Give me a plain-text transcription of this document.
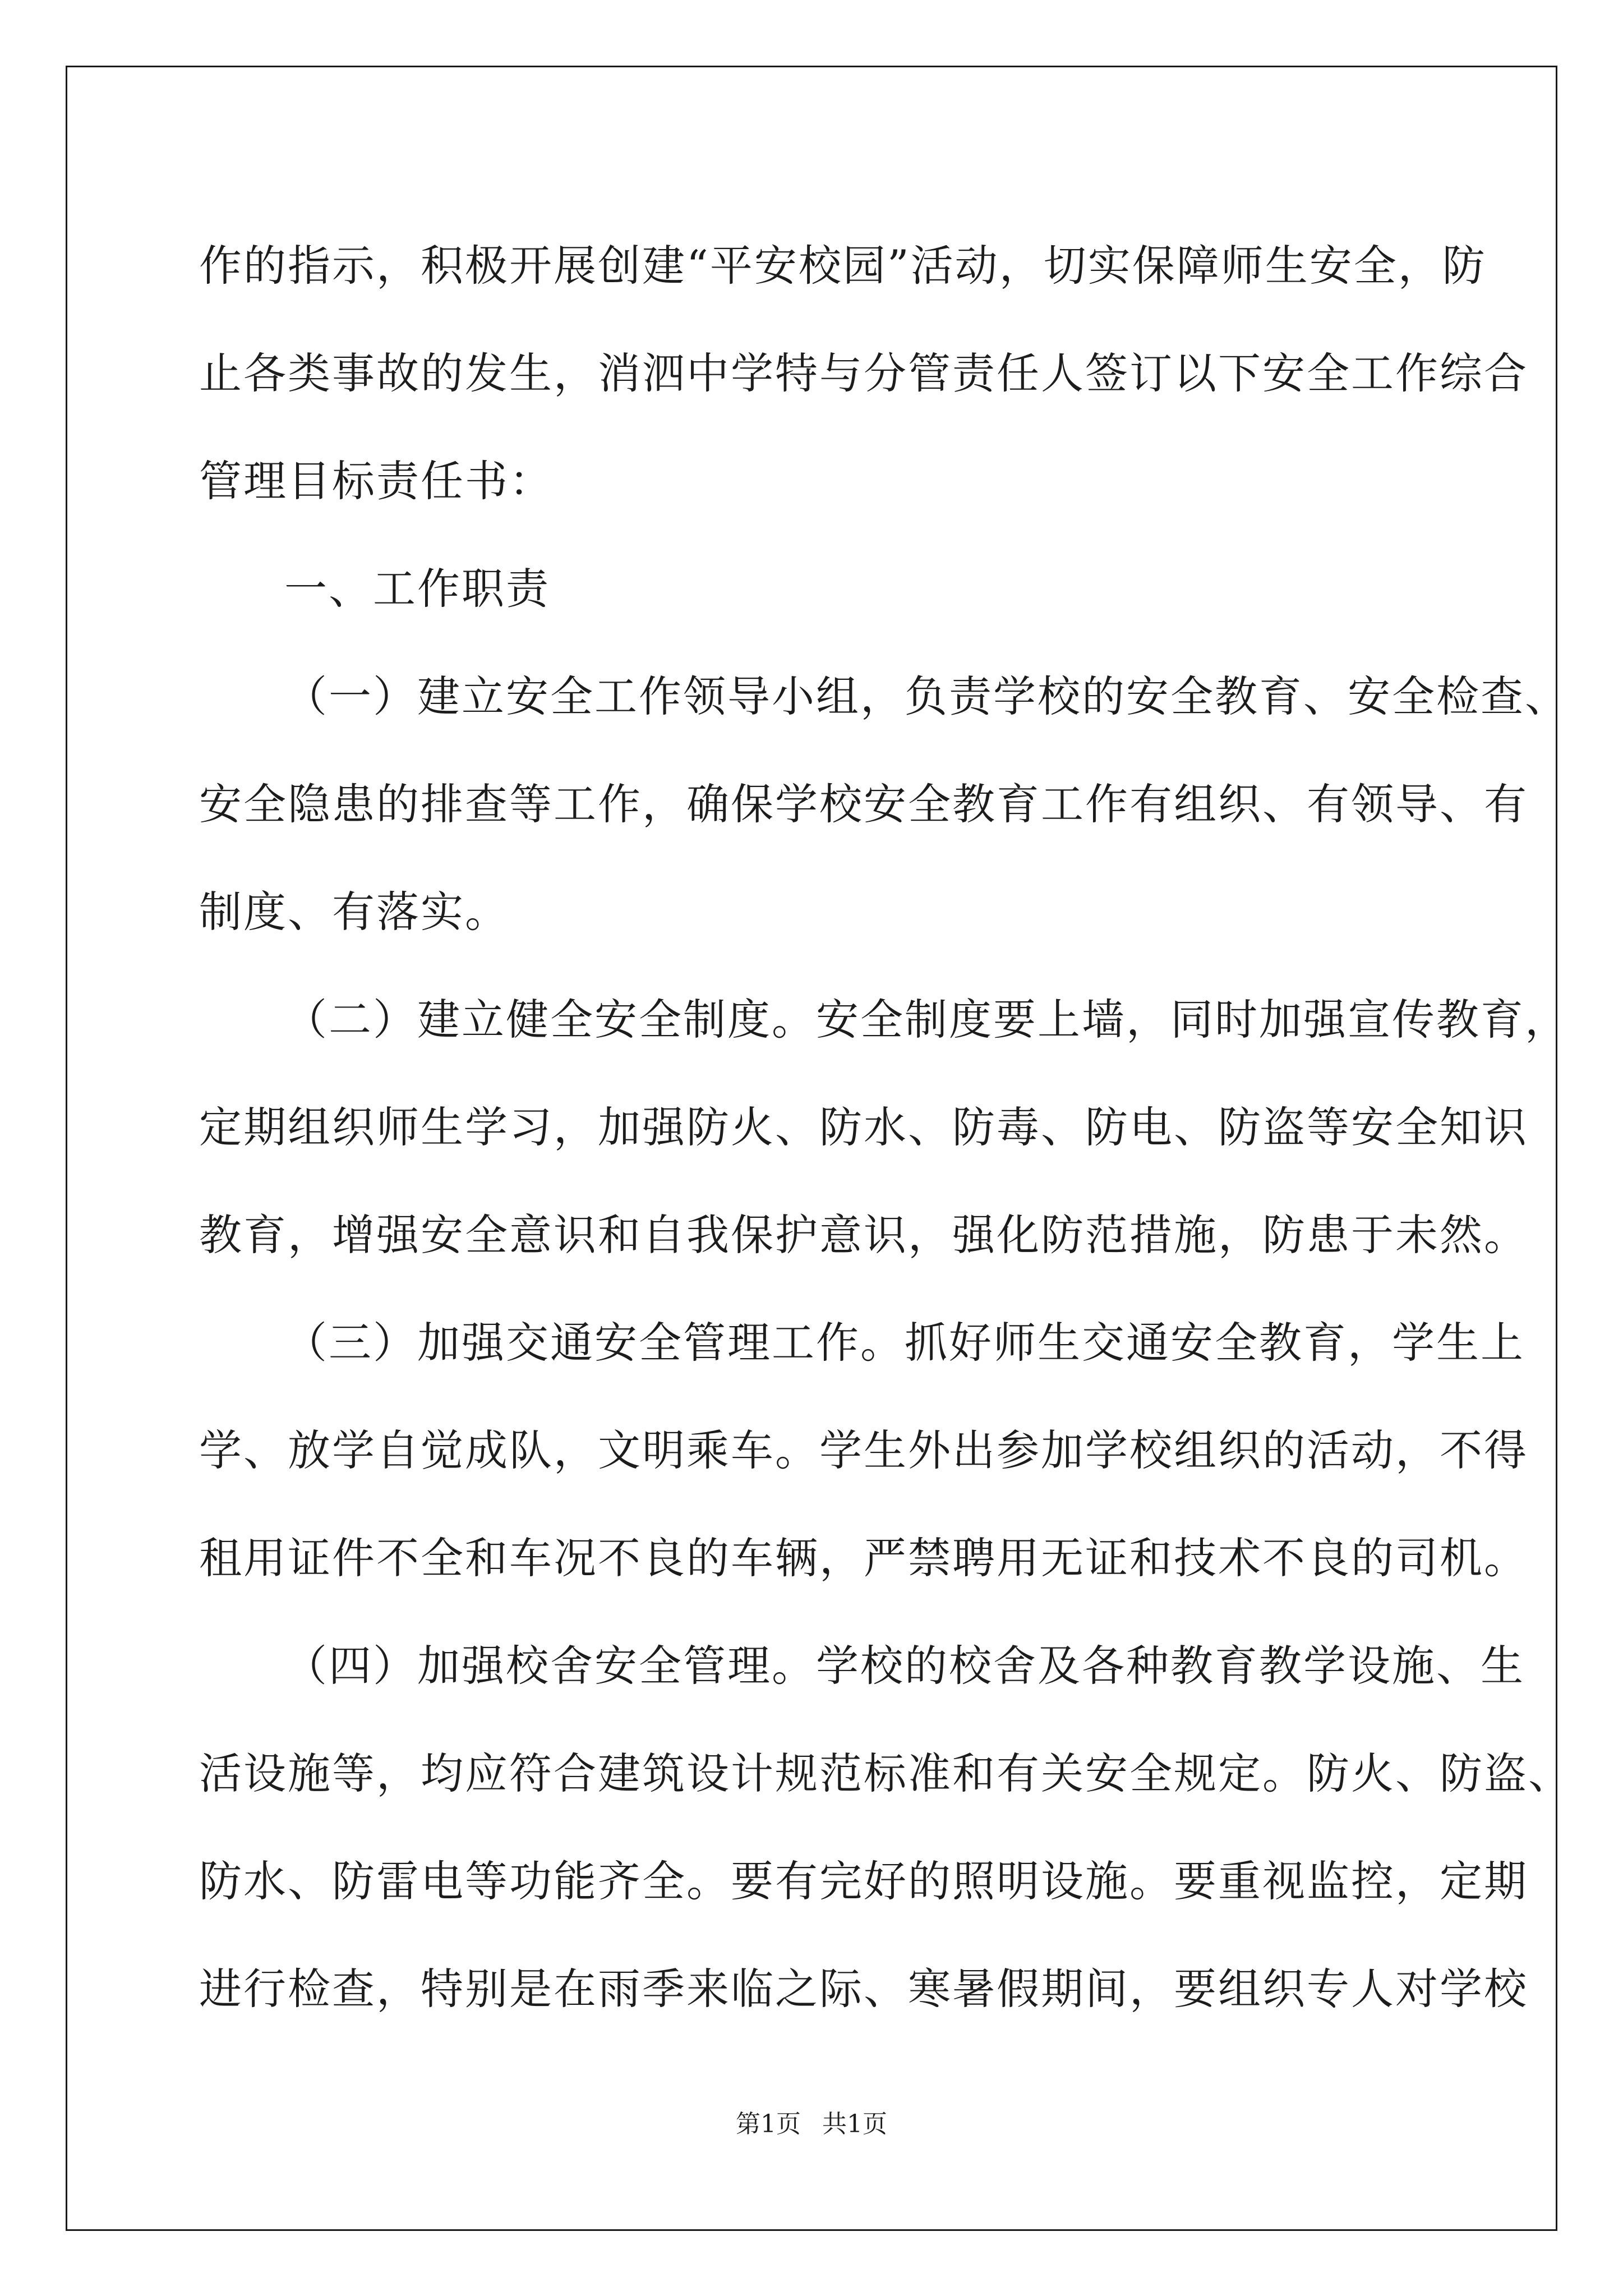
作的指示，积极开展创建“平安校园”活动，切实保障师生安全，防
止各类事故的发生，消泗中学特与分管责任人签订以下安全工作综合
管理目标责任书：
一、工作职责
（一）建立安全工作领导小组，负责学校的安全教育、安全检查、
安全隐患的排查等工作，确保学校安全教育工作有组织、有领导、有
制度、有落实。
（二）建立健全安全制度。安全制度要上墙，同时加强宣传教育，
定期组织师生学习，加强防火、防水、防毒、防电、防盗等安全知识
教育，增强安全意识和自我保护意识，强化防范措施，防患于未然。
（三）加强交通安全管理工作。抓好师生交通安全教育，学生上
学、放学自觉成队，文明乘车。学生外出参加学校组织的活动，不得
租用证件不全和车况不良的车辆，严禁聘用无证和技术不良的司机。
（四）加强校舍安全管理。学校的校舍及各种教育教学设施、生
活设施等，均应符合建筑设计规范标准和有关安全规定。防火、防盗、
防水、防雷电等功能齐全。要有完好的照明设施。要重视监控，定期
进行检查，特别是在雨季来临之际、寒暑假期间，要组织专人对学校
第1页 共1页
